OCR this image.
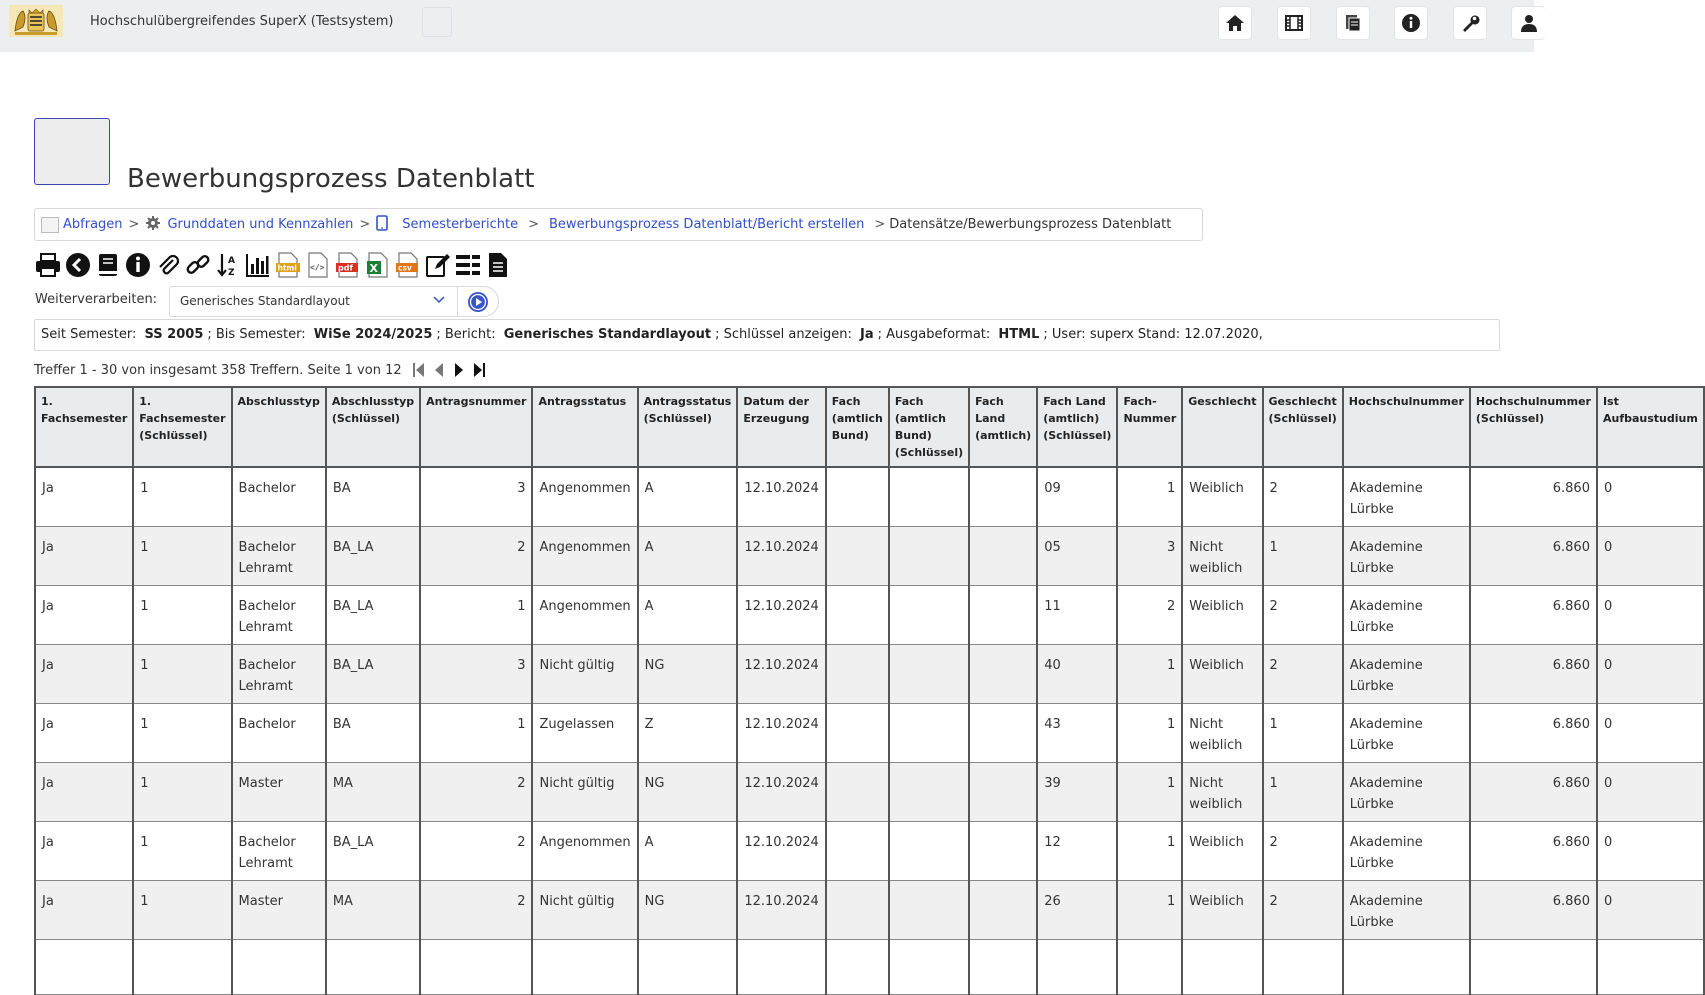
Hochschulübergreifendes SuperX (Testsystem)
Bewerbungsprozess Datenblatt
Abfragen > Grunddaten und Kennzahlen > Semesterberichte > Bewerbungsprozess Datenblatt/Bericht erstellen > Datensätze/Bewerbungsprozess Datenblatt
A
Z	html </> pdf X	csv
Weiterverarbeiten:	Generisches Standardlayout
Seit Semester: SS 2005 ; Bis Semester: WiSe 2024/2025 ; Bericht: Generisches Standardlayout ; Schlüssel anzeigen: Ja ; Ausgabeformat: HTML ; User: superx Stand: 12.07.2020,
Treffer 1 - 30 von insgesamt 358 Treffern. Seite 1 von 12
1. Fachsemester	1. Fachsemester (Schlüssel)	Abschlusstyp	Abschlusstyp (Schlüssel)	Antragsnummer	Antragsstatus	Antragsstatus (Schlüssel)	Datum der Erzeugung	Fach (amtlich Bund)	Fach (amtlich Bund) (Schlüssel)	Fach Land (amtlich)	Fach Land (amtlich) (Schlüssel)	Fach-Nummer	Geschlecht	Geschlecht (Schlüssel)	Hochschulnummer	Hochschulnummer (Schlüssel)	Ist Aufbaustudium
Ja	1	Bachelor	BA	3	Angenommen	A	12.10.2024				09	1	Weiblich	2	Akademine Lürbke	6.860	0
Ja	1	Bachelor Lehramt	BA_LA	2	Angenommen	A	12.10.2024				05	3	Nicht weiblich	1	Akademine Lürbke	6.860	0
Ja	1	Bachelor Lehramt	BA_LA	1	Angenommen	A	12.10.2024				11	2	Weiblich	2	Akademine Lürbke	6.860	0
Ja	1	Bachelor Lehramt	BA_LA	3	Nicht gültig	NG	12.10.2024				40	1	Weiblich	2	Akademine Lürbke	6.860	0
Ja	1	Bachelor	BA	1	Zugelassen	Z	12.10.2024				43	1	Nicht weiblich	1	Akademine Lürbke	6.860	0
Ja	1	Master	MA	2	Nicht gültig	NG	12.10.2024				39	1	Nicht weiblich	1	Akademine Lürbke	6.860	0
Ja	1	Bachelor Lehramt	BA_LA	2	Angenommen	A	12.10.2024				12	1	Weiblich	2	Akademine Lürbke	6.860	0
Ja	1	Master	MA	2	Nicht gültig	NG	12.10.2024				26	1	Weiblich	2	Akademine Lürbke	6.860	0
